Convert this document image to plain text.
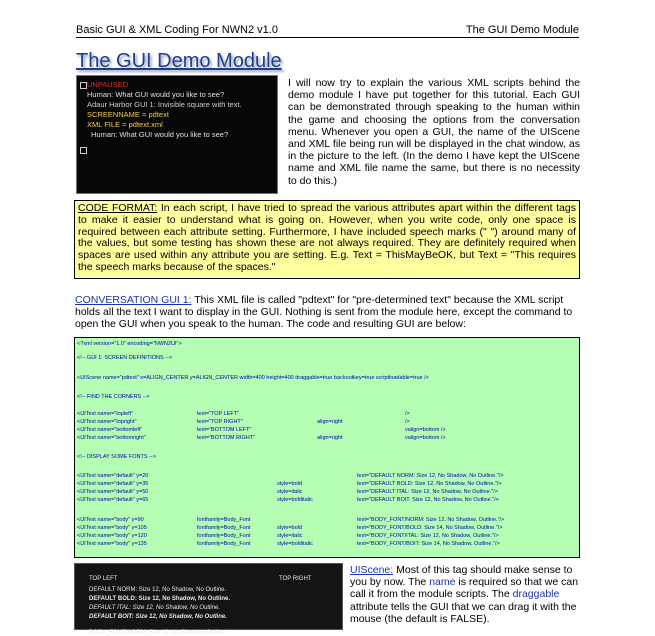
Basic GUI & XML Coding For NWN2 v1.0	The GUI Demo Module
The GUI Demo Module
UNPAUSED
Human: What GUI would you like to see?
Adaur Harbor GUI 1: Invisible square with text.
SCREENNAME = pdtext
XML FILE = pdtext.xml
Human: What GUI would you like to see?
I will now try to explain the various XML scripts behind the demo module I have put together for this tutorial. Each GUI can be demonstrated through speaking to the human within the game and choosing the options from the conversation menu. Whenever you open a GUI, the name of the UIScene and XML file being run will be displayed in the chat window, as in the picture to the left. (In the demo I have kept the UIScene name and XML file name the same, but there is no necessity to do this.)
CODE FORMAT: In each script, I have tried to spread the various attributes apart within the different tags to make it easier to understand what is going on. However, when you write code, only one space is required between each attribute setting. Furthermore, I have included speech marks (" ") around many of the values, but some testing has shown these are not always required. They are definitely required when spaces are used within any attribute you are setting. E.g. Text = ThisMayBeOK, but Text = "This requires the speech marks because of the spaces."
CONVERSATION GUI 1: This XML file is called "pdtext" for "pre-determined text" because the XML script holds all the text I want to display in the GUI. Nothing is sent from the module here, except the command to open the GUI when you speak to the human. The code and resulting GUI are below:
<?xml version="1.0" encoding="NWN2UI">
<!-- GUI 1: SCREEN DEFINITIONS -->
<UIScene name="pdtext" x=ALIGN_CENTER y=ALIGN_CENTER width=400 height=400 draggable=true backoutkey=true scriptloadable=true />
<!-- FIND THE CORNERS -->
<UIText name="topleft"	text="TOP LEFT"	/>
<UIText name="topright"	text="TOP RIGHT"	align=right	/>
<UIText name="bottomleft"	text="BOTTOM LEFT"	valign=bottom />
<UIText name="bottomright"	text="BOTTOM RIGHT"	align=right	valign=bottom />
<!-- DISPLAY SOME FONTS -->
<UIText name="default" y=20	text="DEFAULT NORM: Size 12, No Shadow, No Outline."/>
<UIText name="default" y=35	style=bold	text="DEFAULT BOLD: Size 12, No Shadow, No Outline."/>
<UIText name="default" y=50	style=italic	text="DEFAULT ITAL: Size 12, No Shadow, No Outline."/>
<UIText name="default" y=65	style=bolditalic	text="DEFAULT BOIT: Size 12, No Shadow, No Outline."/>
<UIText name="body" y=90	fontfamily=Body_Font	text="BODY_FONT/NORM: Size 12, No Shadow, Outline."/>
<UIText name="body" y=105	fontfamily=Body_Font	style=bold	text="BODY_FONT/BOLD: Size 14, No Shadow, Outline."/>
<UIText name="body" y=120	fontfamily=Body_Font	style=italic	text="BODY_FONT/ITAL: Size 12, No Shadow, Outline."/>
<UIText name="body" y=135	fontfamily=Body_Font	style=bolditalic	text="BODY_FONT/BOIT: Size 14, No Shadow, Outline."/>
TOP LEFT	TOP RIGHT
DEFAULT NORM: Size 12, No Shadow, No Outline.
DEFAULT BOLD: Size 12, No Shadow, No Outline.
DEFAULT ITAL: Size 12, No Shadow, No Outline.
DEFAULT BOIT: Size 12, No Shadow, No Outline.
BODY_FONT/NORM: Size 12, No Shadow, Outline.
UIScene: Most of this tag should make sense to you by now. The name is required so that we can call it from the module scripts. The draggable attribute tells the GUI that we can drag it with the mouse (the default is FALSE).
